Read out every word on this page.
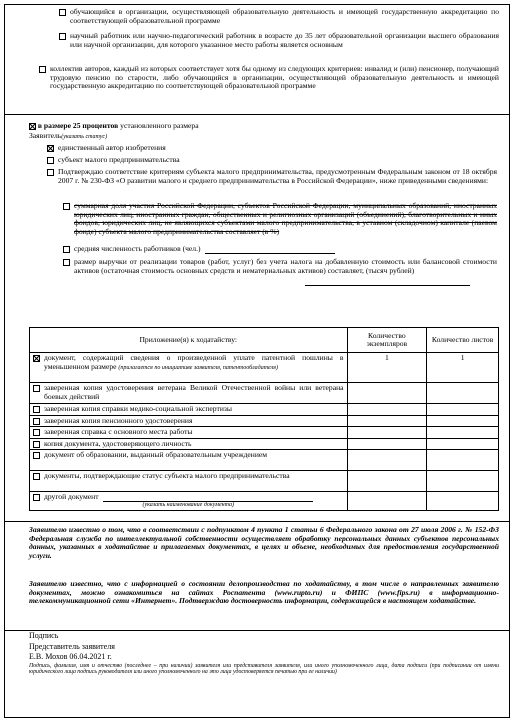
обучающийся в организации, осуществляющей образовательную деятельность и имеющей государственную аккредитацию по соответствующей образовательной программе
научный работник или научно-педагогический работник в возрасте до 35 лет образовательной организации высшего образования или научной организации, для которого указанное место работы является основным
коллектив авторов, каждый из которых соответствует хотя бы одному из следующих критериев: инвалид и (или) пенсионер, получающий трудовую пенсию по старости, либо обучающийся в организации, осуществляющей образовательную деятельность и имеющей государственную аккредитацию по соответствующей образовательной программе
в размере 25 процентов установленного размера
Заявитель(указать статус)
единственный автор изобретения
субъект малого предпринимательства
Подтверждаю соответствие критериям субъекта малого предпринимательства, предусмотренным Федеральным законом от 18 октября 2007 г. № 230-ФЗ «О развитии малого и среднего предпринимательства в Российской Федерации», ниже приведенными сведениями:
суммарная доля участия Российской Федерации, субъектов Российской Федерации, муниципальных образований, иностранных юридических лиц, иностранных граждан, общественных и религиозных организаций (объединений), благотворительных и иных фондов, юридических лиц, не являющихся субъектами малого предпринимательства, в уставном (складочном) капитале (паевом фонде) субъекта малого предпринимательства составляет (в %)
средняя численность работников (чел.)
размер выручки от реализации товаров (работ, услуг) без учета налога на добавленную стоимость или балансовой стоимости активов (остаточная стоимость основных средств и нематериальных активов) составляет, (тысяч рублей)
Приложение(я) к ходатайству:	Количество экземпляров	Количество листов

документ, содержащий сведения о произведенной уплате патентной пошлины в уменьшенном размере (прилагается по инициативе заявителя, патентообладателя)	1	1

заверенная копия удостоверения ветерана Великой Отечественной войны или ветерана боевых действий		

заверенная копия справки медико-социальной экспертизы		

заверенная копия пенсионного удостоверения		

заверенная справка с основного места работы		

копия документа, удостоверяющего личность		

документ об образовании, выданный образовательным учреждением		

документы, подтверждающие статус субъекта малого предпринимательства		

другой документ
(указать наименование документа)		

Заявителю известно о том, что в соответствии с подпунктом 4 пункта 1 статьи 6 Федерального закона от 27 июля 2006 г. № 152-ФЗ Федеральная служба по интеллектуальной собственности осуществляет обработку персональных данных субъектов персональных данных, указанных в ходатайстве и прилагаемых документах, в целях и объеме, необходимых для предоставления государственной услуги.
Заявителю известно, что с информацией о состоянии делопроизводства по ходатайству, в том числе о направленных заявителю документах, можно ознакомиться на сайтах Роспатента (www.rupto.ru) и ФИПС (www.fips.ru) в информационно-телекоммуникационной сети «Интернет». Подтверждаю достоверность информации, содержащейся в настоящем ходатайстве.
Подпись
Представитель заявителя
Е.В. Мохов 06.04.2021 г.
Подпись, фамилия, имя и отчество (последнее – при наличии) заявителя или представителя заявителя, или иного уполномоченного лица, дата подписи (при подписании от имени юридического лица подпись руководителя или иного уполномоченного на это лица удостоверяется печатью при ее наличии)
